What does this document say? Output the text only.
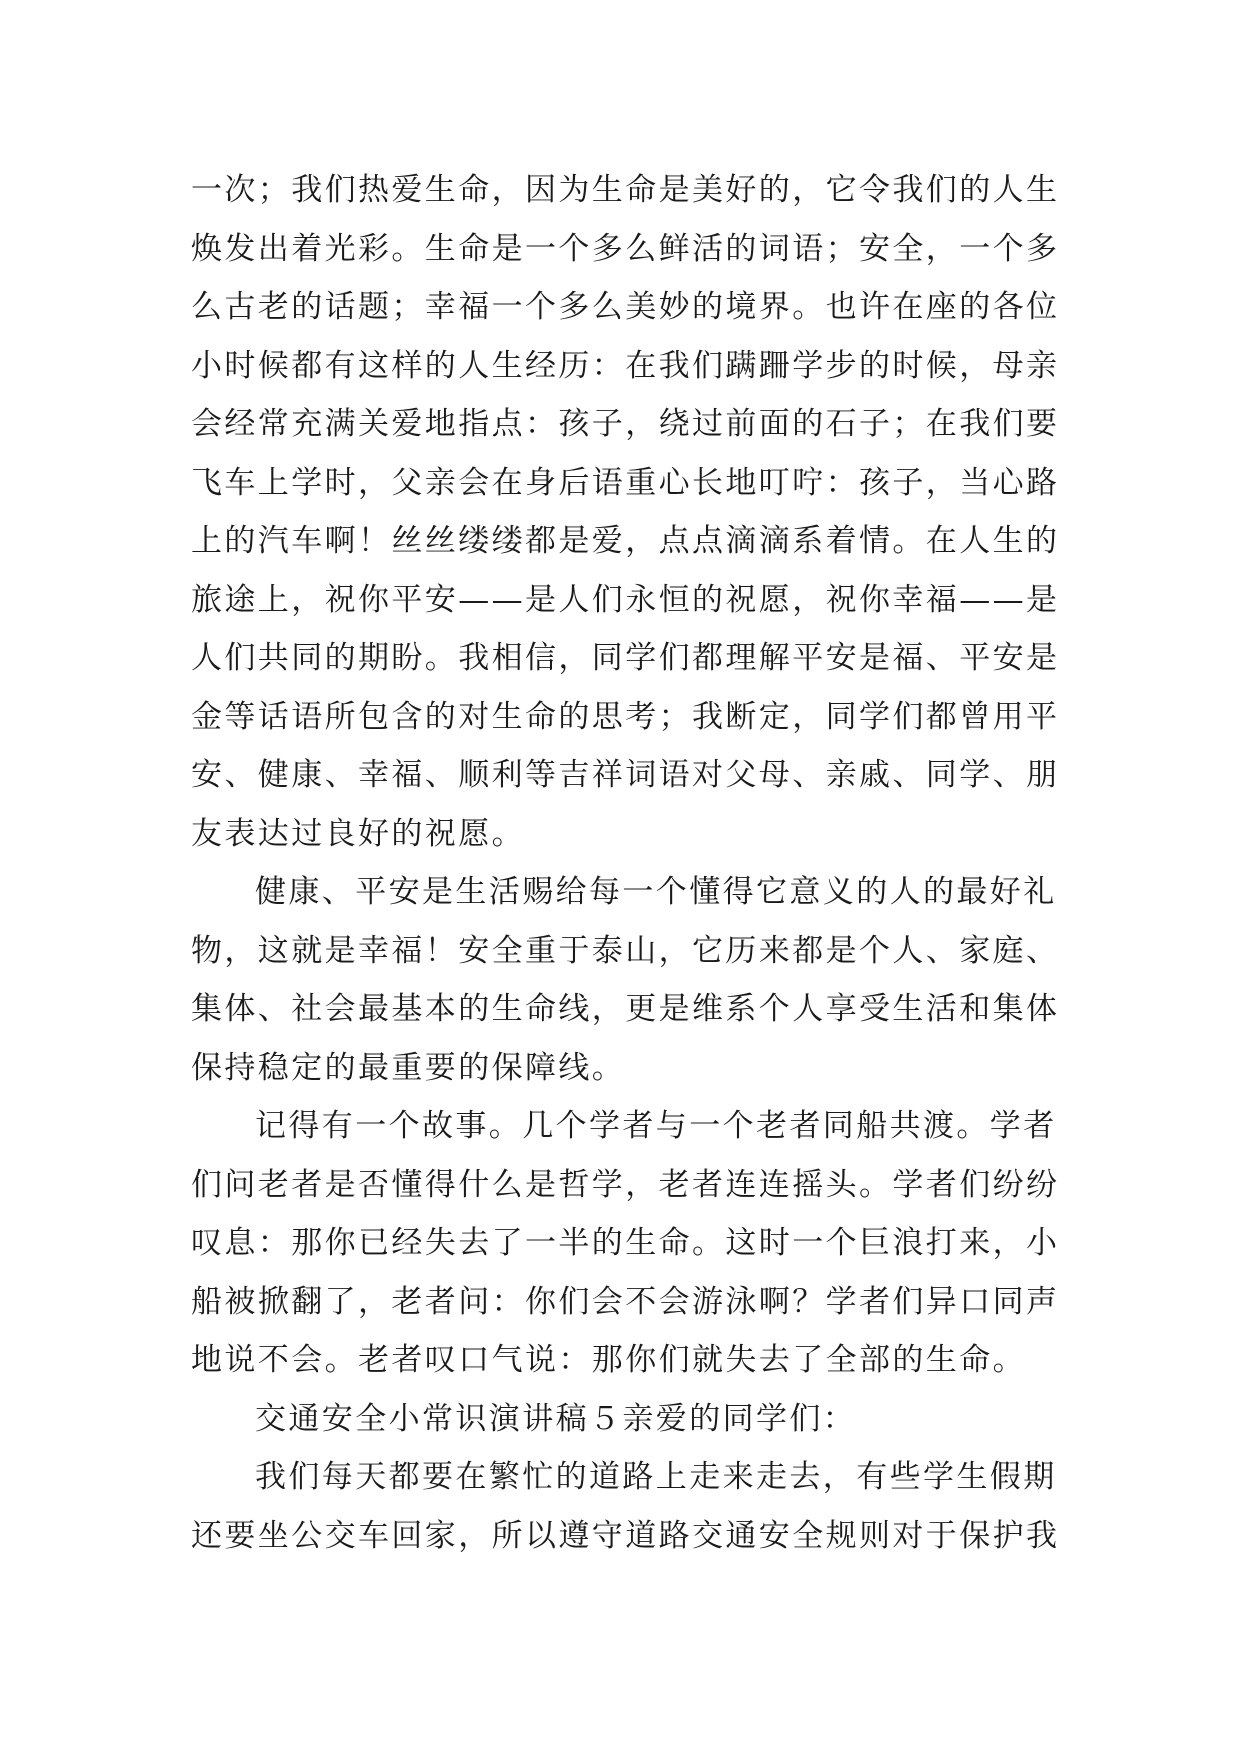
一次；我们热爱生命，因为生命是美好的，它令我们的人生
焕发出着光彩。生命是一个多么鲜活的词语；安全，一个多
么古老的话题；幸福一个多么美妙的境界。也许在座的各位
小时候都有这样的人生经历：在我们蹒跚学步的时候，母亲
会经常充满关爱地指点：孩子，绕过前面的石子；在我们要
飞车上学时，父亲会在身后语重心长地叮咛：孩子，当心路
上的汽车啊！丝丝缕缕都是爱，点点滴滴系着情。在人生的
旅途上，祝你平安——是人们永恒的祝愿，祝你幸福——是
人们共同的期盼。我相信，同学们都理解平安是福、平安是
金等话语所包含的对生命的思考；我断定，同学们都曾用平
安、健康、幸福、顺利等吉祥词语对父母、亲戚、同学、朋
友表达过良好的祝愿。
健康、平安是生活赐给每一个懂得它意义的人的最好礼
物，这就是幸福！安全重于泰山，它历来都是个人、家庭、
集体、社会最基本的生命线，更是维系个人享受生活和集体
保持稳定的最重要的保障线。
记得有一个故事。几个学者与一个老者同船共渡。学者
们问老者是否懂得什么是哲学，老者连连摇头。学者们纷纷
叹息：那你已经失去了一半的生命。这时一个巨浪打来，小
船被掀翻了，老者问：你们会不会游泳啊？学者们异口同声
地说不会。老者叹口气说：那你们就失去了全部的生命。
交通安全小常识演讲稿５亲爱的同学们：
我们每天都要在繁忙的道路上走来走去，有些学生假期
还要坐公交车回家，所以遵守道路交通安全规则对于保护我
